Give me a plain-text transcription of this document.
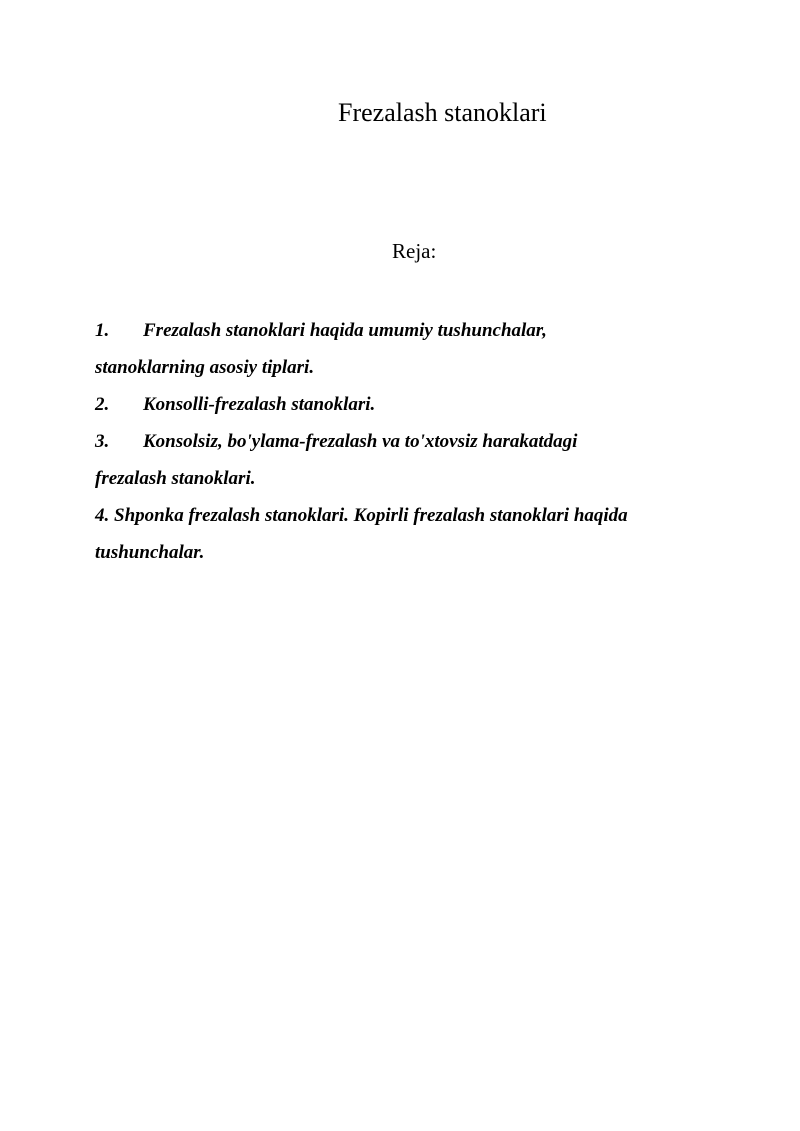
Frezalash stanoklari
Reja:
1. Frezalash stanoklari haqida umumiy tushunchalar,
stanoklarning asosiy tiplari.
2. Konsolli-frezalash stanoklari.
3. Konsolsiz, bo'ylama-frezalash va to'xtovsiz harakatdagi
frezalash stanoklari.
4. Shponka frezalash stanoklari. Kopirli frezalash stanoklari haqida
tushunchalar.
